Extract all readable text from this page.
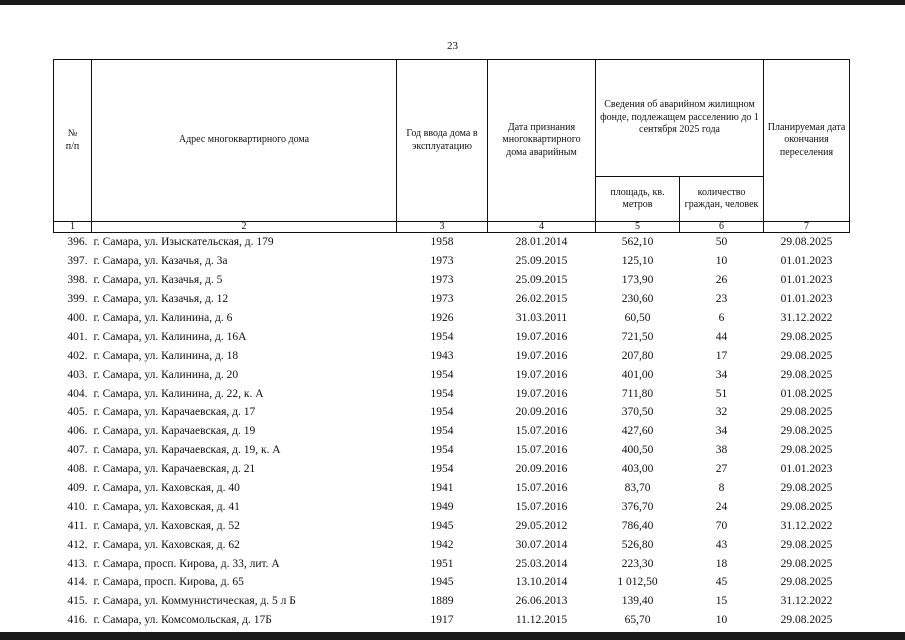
23
№
п/п	Адрес многоквартирного дома	Год ввода дома в эксплуатацию	Дата признания многоквартирного дома аварийным	Сведения об аварийном жилищном фонде, подлежащем расселению до 1 сентября 2025 года		Планируемая дата окончания переселения
				площадь, кв. метров	количество граждан, человек	
1	2	3	4	5	6	7
396.	г. Самара, ул. Изыскательская, д. 179	1958	28.01.2014	562,10	50	29.08.2025
397.	г. Самара, ул. Казачья, д. 3а	1973	25.09.2015	125,10	10	01.01.2023
398.	г. Самара, ул. Казачья, д. 5	1973	25.09.2015	173,90	26	01.01.2023
399.	г. Самара, ул. Казачья, д. 12	1973	26.02.2015	230,60	23	01.01.2023
400.	г. Самара, ул. Калинина, д. 6	1926	31.03.2011	60,50	6	31.12.2022
401.	г. Самара, ул. Калинина, д. 16А	1954	19.07.2016	721,50	44	29.08.2025
402.	г. Самара, ул. Калинина, д. 18	1943	19.07.2016	207,80	17	29.08.2025
403.	г. Самара, ул. Калинина, д. 20	1954	19.07.2016	401,00	34	29.08.2025
404.	г. Самара, ул. Калинина, д. 22, к. А	1954	19.07.2016	711,80	51	01.08.2025
405.	г. Самара, ул. Карачаевская, д. 17	1954	20.09.2016	370,50	32	29.08.2025
406.	г. Самара, ул. Карачаевская, д. 19	1954	15.07.2016	427,60	34	29.08.2025
407.	г. Самара, ул. Карачаевская, д. 19, к. А	1954	15.07.2016	400,50	38	29.08.2025
408.	г. Самара, ул. Карачаевская, д. 21	1954	20.09.2016	403,00	27	01.01.2023
409.	г. Самара, ул. Каховская, д. 40	1941	15.07.2016	83,70	8	29.08.2025
410.	г. Самара, ул. Каховская, д. 41	1949	15.07.2016	376,70	24	29.08.2025
411.	г. Самара, ул. Каховская, д. 52	1945	29.05.2012	786,40	70	31.12.2022
412.	г. Самара, ул. Каховская, д. 62	1942	30.07.2014	526,80	43	29.08.2025
413.	г. Самара, просп. Кирова, д. 33, лит. А	1951	25.03.2014	223,30	18	29.08.2025
414.	г. Самара, просп. Кирова, д. 65	1945	13.10.2014	1 012,50	45	29.08.2025
415.	г. Самара, ул. Коммунистическая, д. 5 л Б	1889	26.06.2013	139,40	15	31.12.2022
416.	г. Самара, ул. Комсомольская, д. 17Б	1917	11.12.2015	65,70	10	29.08.2025
